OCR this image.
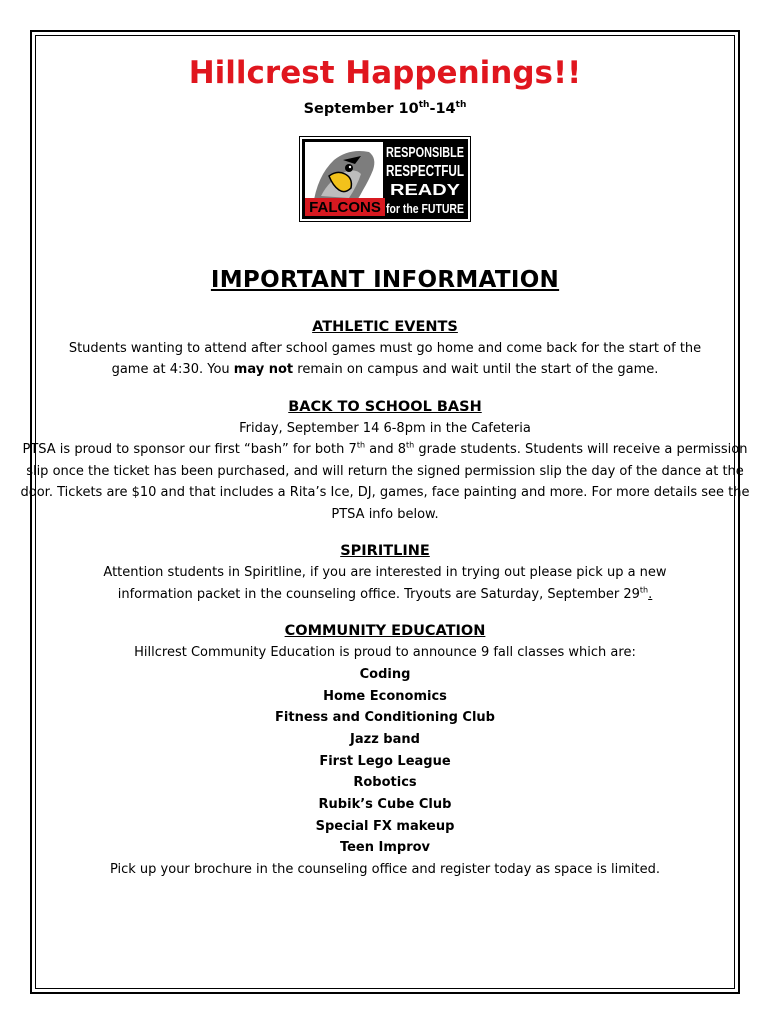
Hillcrest Happenings!!

September 10th-14th

FALCONS
RESPONSIBLE
RESPECTFUL
READY
for the FUTURE
IMPORTANT INFORMATION
ATHLETIC EVENTS

Students wanting to attend after school games must go home and come back for the start of the game at 4:30. You may not remain on campus and wait until the start of the game.

BACK TO SCHOOL BASH

Friday, September 14 6-8pm in the Cafeteria

PTSA is proud to sponsor our first “bash” for both 7th and 8th grade students. Students will receive a permission slip once the ticket has been purchased, and will return the signed permission slip the day of the dance at the door. Tickets are $10 and that includes a Rita’s Ice, DJ, games, face painting and more. For more details see the PTSA info below.

SPIRITLINE

Attention students in Spiritline, if you are interested in trying out please pick up a new information packet in the counseling office. Tryouts are Saturday, September 29th.

COMMUNITY EDUCATION

Hillcrest Community Education is proud to announce 9 fall classes which are:

Coding

Home Economics

Fitness and Conditioning Club

Jazz band

First Lego League

Robotics

Rubik’s Cube Club

Special FX makeup

Teen Improv

Pick up your brochure in the counseling office and register today as space is limited.
